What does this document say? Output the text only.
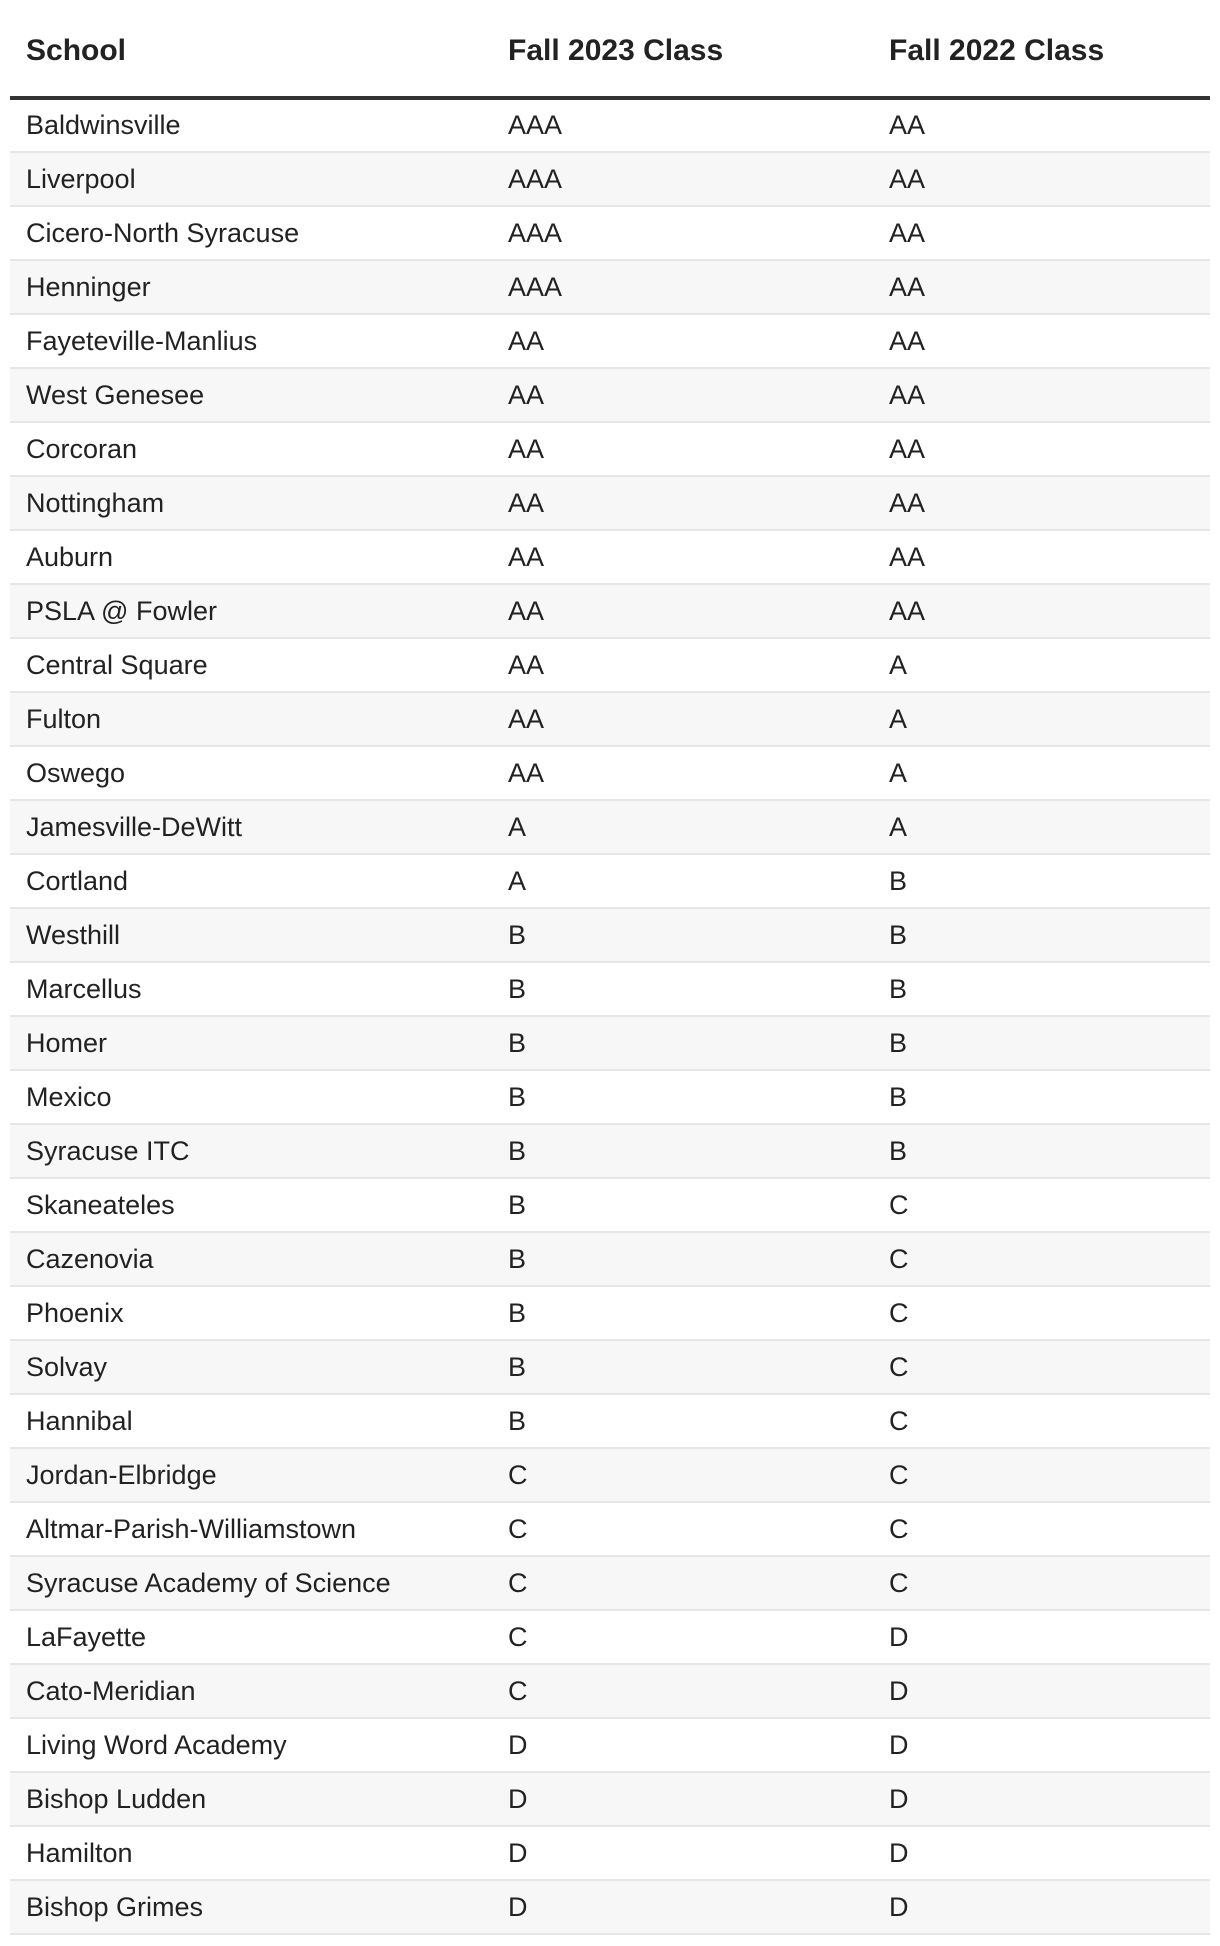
School	Fall 2023 Class	Fall 2022 Class
Baldwinsville	AAA	AA
Liverpool	AAA	AA
Cicero-North Syracuse	AAA	AA
Henninger	AAA	AA
Fayeteville-Manlius	AA	AA
West Genesee	AA	AA
Corcoran	AA	AA
Nottingham	AA	AA
Auburn	AA	AA
PSLA @ Fowler	AA	AA
Central Square	AA	A
Fulton	AA	A
Oswego	AA	A
Jamesville-DeWitt	A	A
Cortland	A	B
Westhill	B	B
Marcellus	B	B
Homer	B	B
Mexico	B	B
Syracuse ITC	B	B
Skaneateles	B	C
Cazenovia	B	C
Phoenix	B	C
Solvay	B	C
Hannibal	B	C
Jordan-Elbridge	C	C
Altmar-Parish-Williamstown	C	C
Syracuse Academy of Science	C	C
LaFayette	C	D
Cato-Meridian	C	D
Living Word Academy	D	D
Bishop Ludden	D	D
Hamilton	D	D
Bishop Grimes	D	D
